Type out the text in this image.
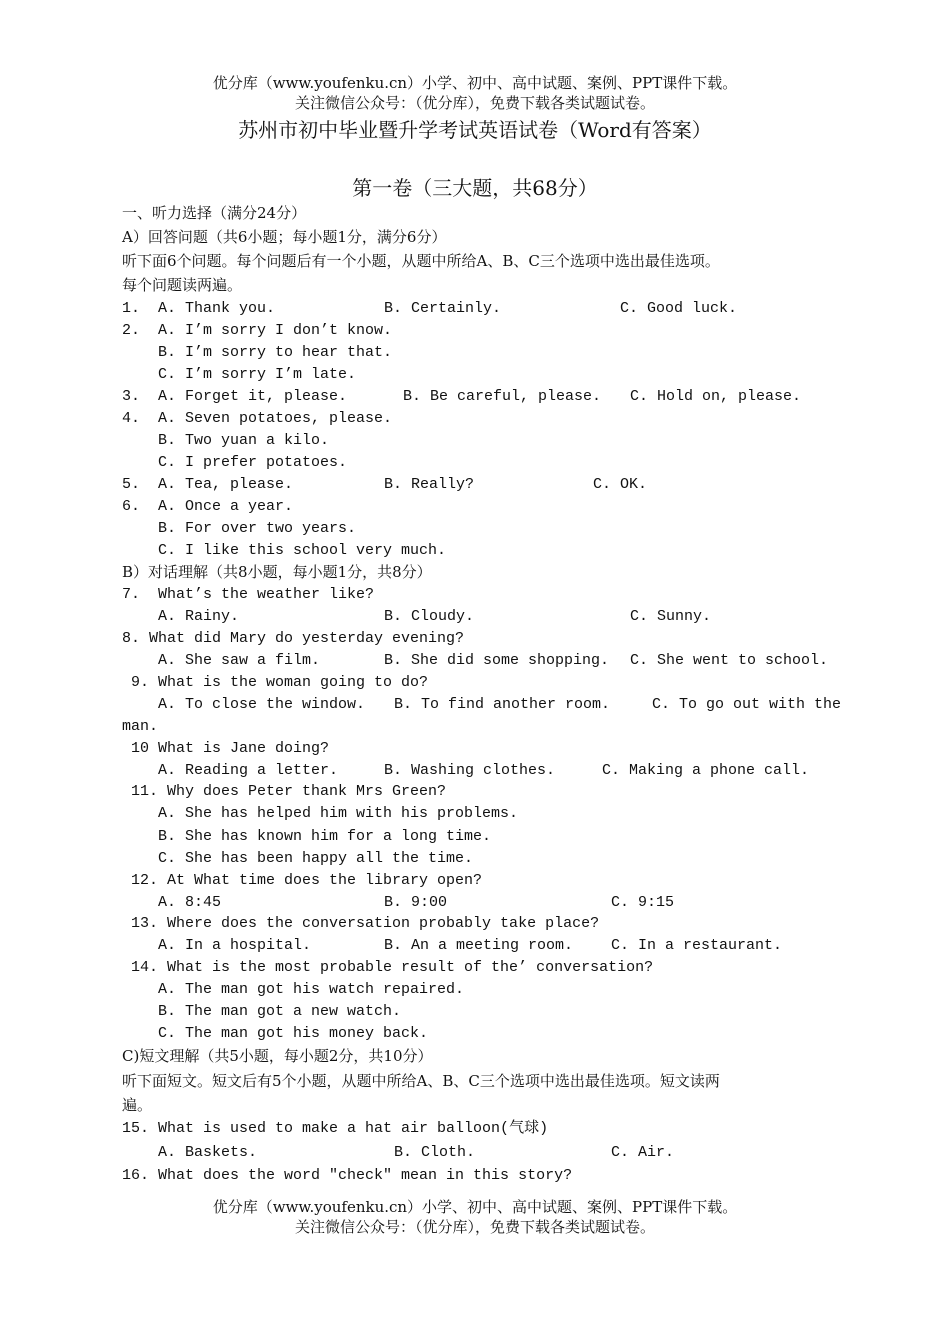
优分库（www.youfenku.cn）小学、初中、高中试题、案例、PPT课件下载。
关注微信公众号：（优分库），免费下载各类试题试卷。
苏州市初中毕业暨升学考试英语试卷（Word有答案）
第一卷（三大题，共68分）
一、听力选择（满分24分）
A）回答问题（共6小题；每小题1分，满分6分）
听下面6个问题。每个问题后有一个小题，从题中所给A、B、C三个选项中选出最佳选项。
每个问题读两遍。
1. A. Thank you.	B. Certainly.	C. Good luck.
2. A. I’m sorry I don’t know.
B. I’m sorry to hear that.
C. I’m sorry I’m late.
3. A. Forget it, please.	B. Be careful, please. C. Hold on, please.
4. A. Seven potatoes, please.
B. Two yuan a kilo.
C. I prefer potatoes.
5. A. Tea, please.	B. Really?	C. OK.
6. A. Once a year.
B. For over two years.
C. I like this school very much.
B）对话理解（共8小题，每小题1分，共8分）
7.  What’s the weather like?
A. Rainy.	B. Cloudy.	C. Sunny.
8. What did Mary do yesterday evening?
A. She saw a film.	B. She did some shopping. C. She went to school.
9. What is the woman going to do?
A. To close the window. B. To find another room.	C. To go out with the
man.
10 What is Jane doing?
A. Reading a letter.	B. Washing clothes.	C. Making a phone call.
11. Why does Peter thank Mrs Green?
A. She has helped him with his problems.
B. She has known him for a long time.
C. She has been happy all the time.
12. At What time does the library open?
A. 8:45	B. 9:00	C. 9:15
13. Where does the conversation probably take place?
A. In a hospital.	B. An a meeting room.	C. In a restaurant.
14. What is the most probable result of the’ conversation?
A. The man got his watch repaired.
B. The man got a new watch.
C. The man got his money back.
C)短文理解（共5小题，每小题2分，共10分）
听下面短文。短文后有5个小题，从题中所给A、B、C三个选项中选出最佳选项。短文读两
遍。
15. What is used to make a hat air balloon(气球)
A. Baskets.	B. Cloth.	C. Air.
16. What does the word "check" mean in this story?
优分库（www.youfenku.cn）小学、初中、高中试题、案例、PPT课件下载。
关注微信公众号：（优分库），免费下载各类试题试卷。
